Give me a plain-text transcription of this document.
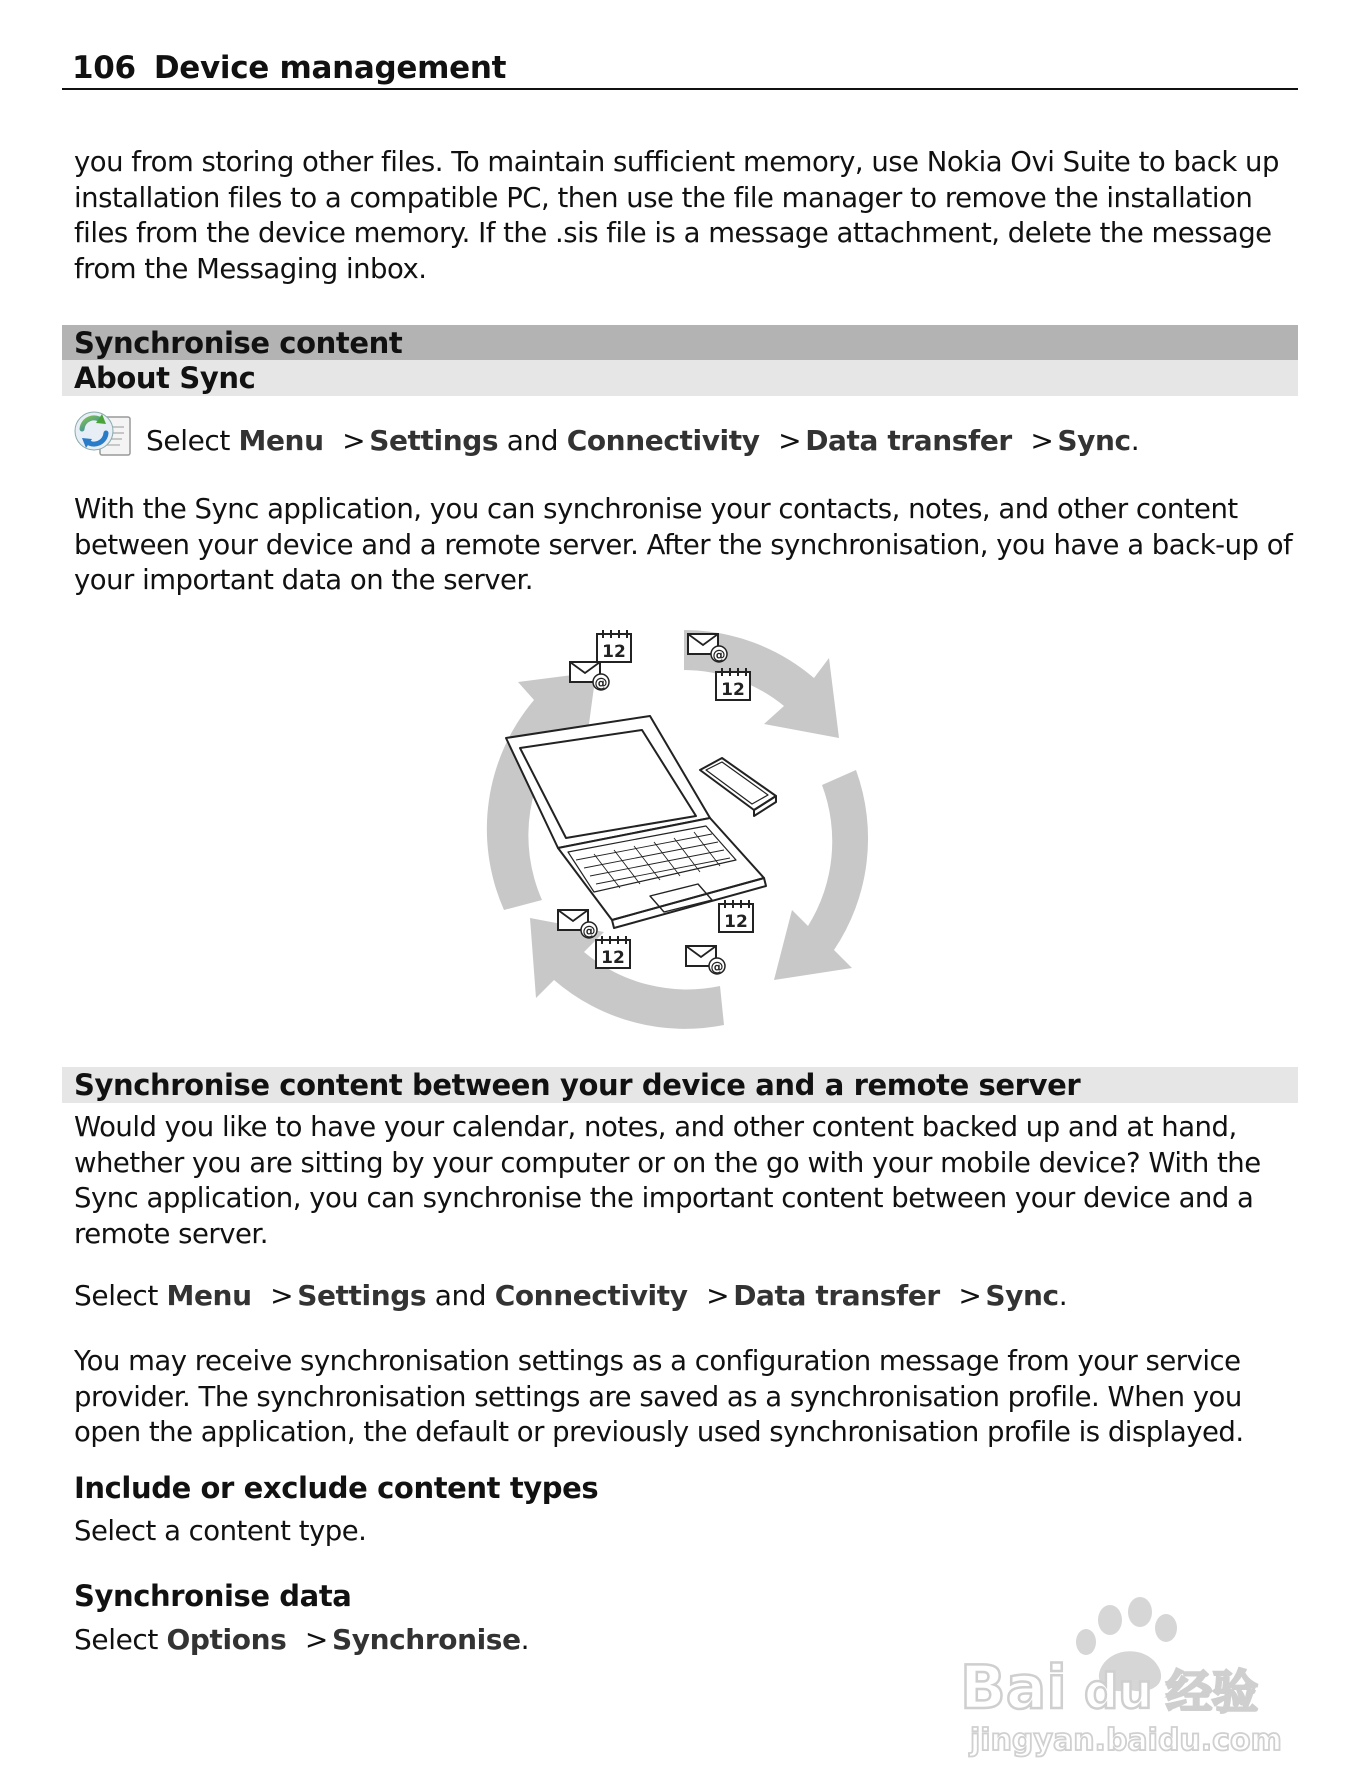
106 Device management

you from storing other files. To maintain sufficient memory, use Nokia Ovi Suite to back up installation files to a compatible PC, then use the file manager to remove the installation files from the device memory. If the .sis file is a message attachment, delete the message from the Messaging inbox.

Synchronise content
About Sync
Select Menu > Settings and Connectivity > Data transfer > Sync.

With the Sync application, you can synchronise your contacts, notes, and other content between your device and a remote server. After the synchronisation, you have a back-up of your important data on the server.

12
12
12
12
@
@
@
@
Synchronise content between your device and a remote server

Would you like to have your calendar, notes, and other content backed up and at hand, whether you are sitting by your computer or on the go with your mobile device? With the Sync application, you can synchronise the important content between your device and a remote server.

Select Menu > Settings and Connectivity > Data transfer > Sync.

You may receive synchronisation settings as a configuration message from your service provider. The synchronisation settings are saved as a synchronisation profile. When you open the application, the default or previously used synchronisation profile is displayed.

Include or exclude content types

Select a content type.

Synchronise data
Select Options > Synchronise.
Bai du 经验
jingyan.baidu.com
